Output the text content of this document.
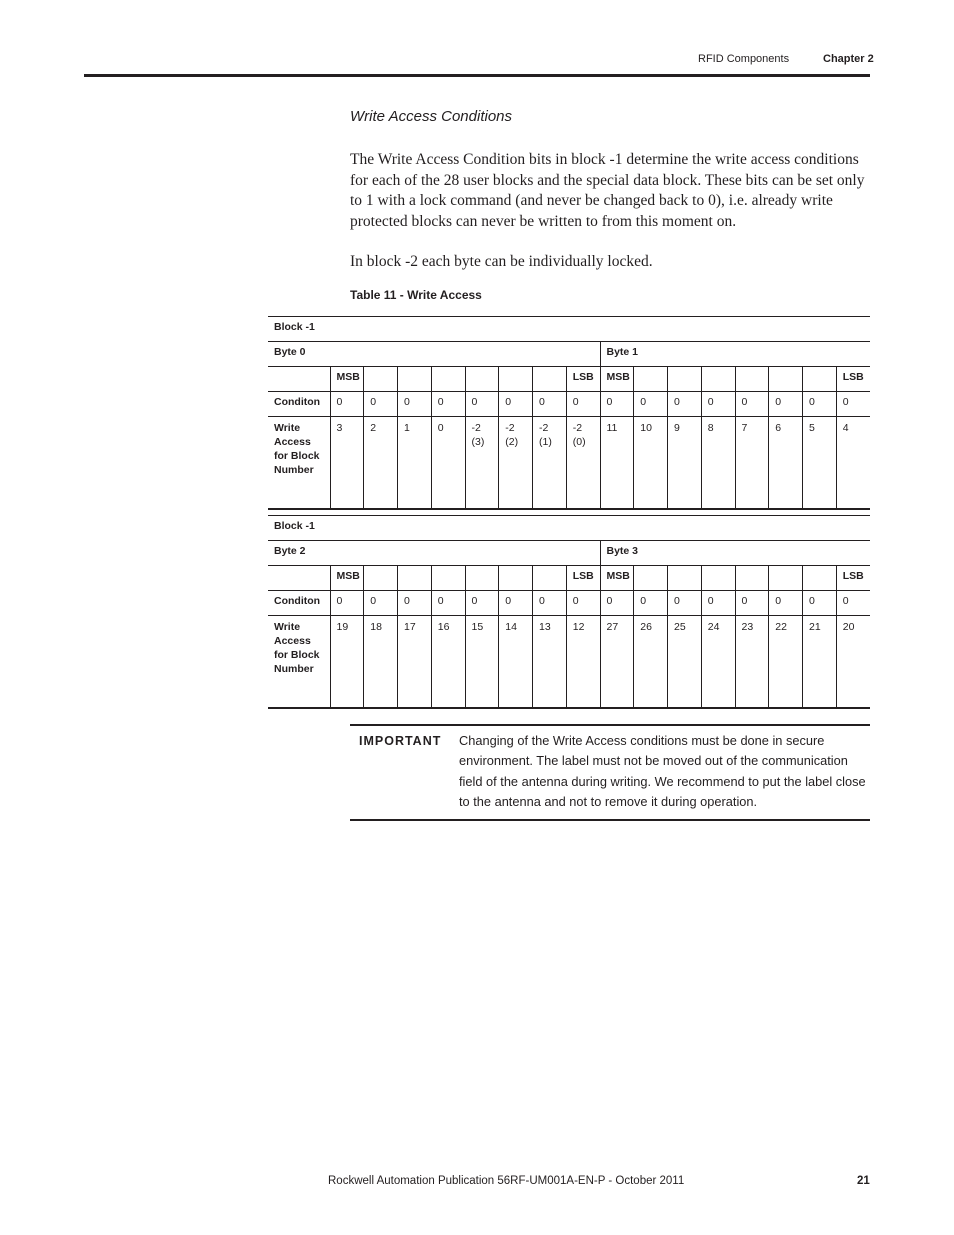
RFID Components	Chapter 2
Write Access Conditions

The Write Access Condition bits in block -1 determine the write access conditions for each of the 28 user blocks and the special data block. These bits can be set only to 1 with a lock command (and never be changed back to 0), i.e. already write protected blocks can never be written to from this moment on.

In block -2 each byte can be individually locked.

Table 11 - Write Access
Block -1																
Byte 0									Byte 1							
	MSB							LSB	MSB							LSB
Conditon	0	0	0	0	0	0	0	0	0	0	0	0	0	0	0	0
Write Access for Block Number	3	2	1	0	-2 (3)	-2 (2)	-2 (1)	-2 (0)	11	10	9	8	7	6	5	4
Block -1																
Byte 2									Byte 3							
	MSB							LSB	MSB							LSB
Conditon	0	0	0	0	0	0	0	0	0	0	0	0	0	0	0	0
Write Access for Block Number	19	18	17	16	15	14	13	12	27	26	25	24	23	22	21	20
IMPORTANT Changing of the Write Access conditions must be done in secure environment. The label must not be moved out of the communication field of the antenna during writing. We recommend to put the label close to the antenna and not to remove it during operation.

Rockwell Automation Publication 56RF-UM001A-EN-P - October 2011	21
